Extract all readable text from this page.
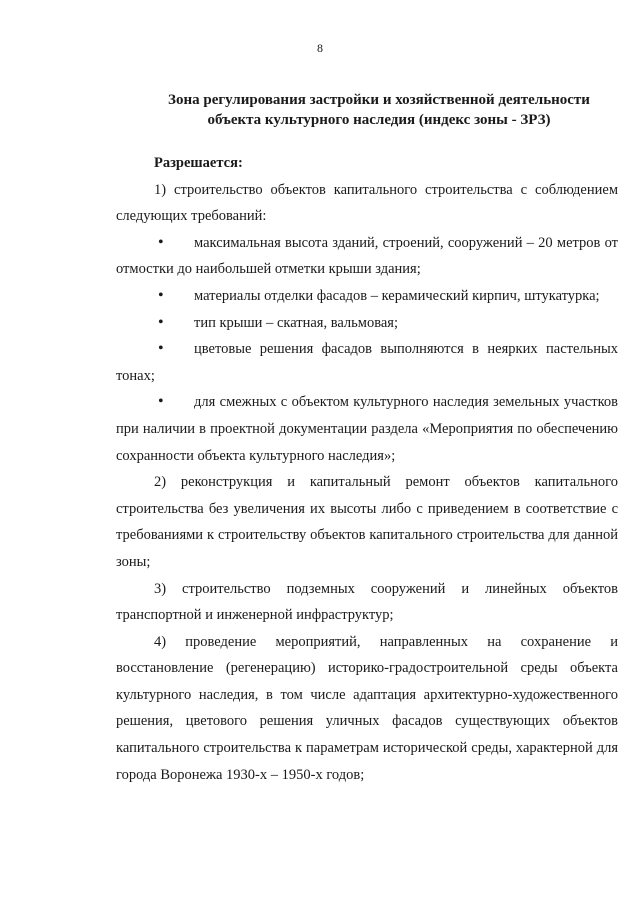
8
Зона регулирования застройки и хозяйственной деятельности
объекта культурного наследия (индекс зоны - ЗРЗ)
Разрешается:

1) строительство объектов капитального строительства с соблюдением следующих требований:

• максимальная высота зданий, строений, сооружений – 20 метров от отмостки до наибольшей отметки крыши здания;

• материалы отделки фасадов – керамический кирпич, штукатурка;

• тип крыши – скатная, вальмовая;

• цветовые решения фасадов выполняются в неярких пастельных тонах;

• для смежных с объектом культурного наследия земельных участков при наличии в проектной документации раздела «Мероприятия по обеспечению сохранности объекта культурного наследия»;

2) реконструкция и капитальный ремонт объектов капитального строительства без увеличения их высоты либо с приведением в соответствие с требованиями к строительству объектов капитального строительства для данной зоны;

3) строительство подземных сооружений и линейных объектов транспортной и инженерной инфраструктур;

4) проведение мероприятий, направленных на сохранение и восстановление (регенерацию) историко-градостроительной среды объекта культурного наследия, в том числе адаптация архитектурно-художественного решения, цветового решения уличных фасадов существующих объектов капитального строительства к параметрам исторической среды, характерной для города Воронежа 1930-х – 1950-х годов;
